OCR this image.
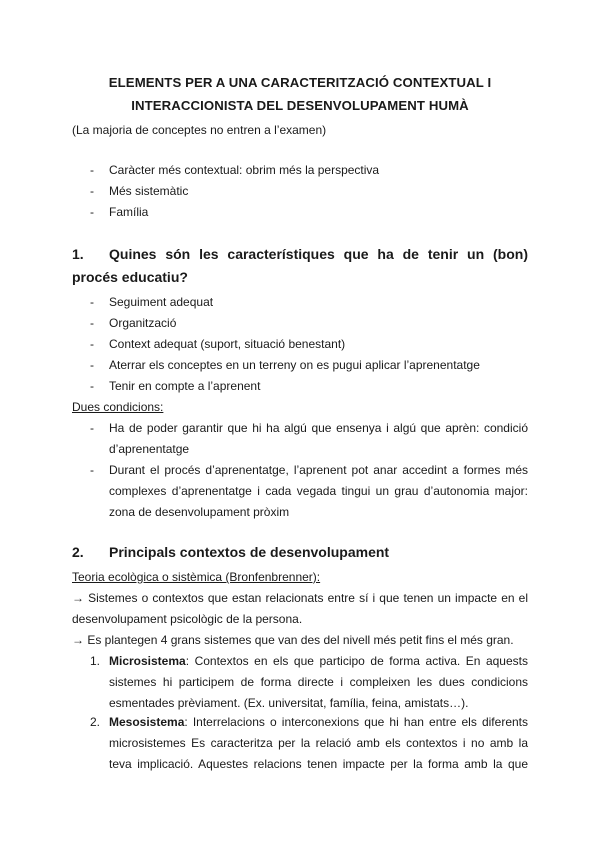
ELEMENTS PER A UNA CARACTERITZACIÓ CONTEXTUAL I
INTERACCIONISTA DEL DESENVOLUPAMENT HUMÀ
(La majoria de conceptes no entren a l’examen)
- Caràcter més contextual: obrim més la perspectiva
- Més sistemàtic
- Família
1. Quines són les característiques que ha de tenir un (bon)
procés educatiu?
- Seguiment adequat
- Organització
- Context adequat (suport, situació benestant)
- Aterrar els conceptes en un terreny on es pugui aplicar l’aprenentatge
- Tenir en compte a l’aprenent
Dues condicions:
- Ha de poder garantir que hi ha algú que ensenya i algú que aprèn: condició
d’aprenentatge
- Durant el procés d’aprenentatge, l’aprenent pot anar accedint a formes més
complexes d’aprenentatge i cada vegada tingui un grau d’autonomia major:
zona de desenvolupament pròxim
2. Principals contextos de desenvolupament
Teoria ecològica o sistèmica (Bronfenbrenner):
→ Sistemes o contextos que estan relacionats entre sí i que tenen un impacte en el
desenvolupament psicològic de la persona.
→ Es plantegen 4 grans sistemes que van des del nivell més petit fins el més gran.
1. Microsistema: Contextos en els que participo de forma activa. En aquests
sistemes hi participem de forma directe i compleixen les dues condicions
esmentades prèviament. (Ex. universitat, família, feina, amistats…).
2. Mesosistema: Interrelacions o interconexions que hi han entre els diferents
microsistemes Es caracteritza per la relació amb els contextos i no amb la
teva implicació. Aquestes relacions tenen impacte per la forma amb la que
